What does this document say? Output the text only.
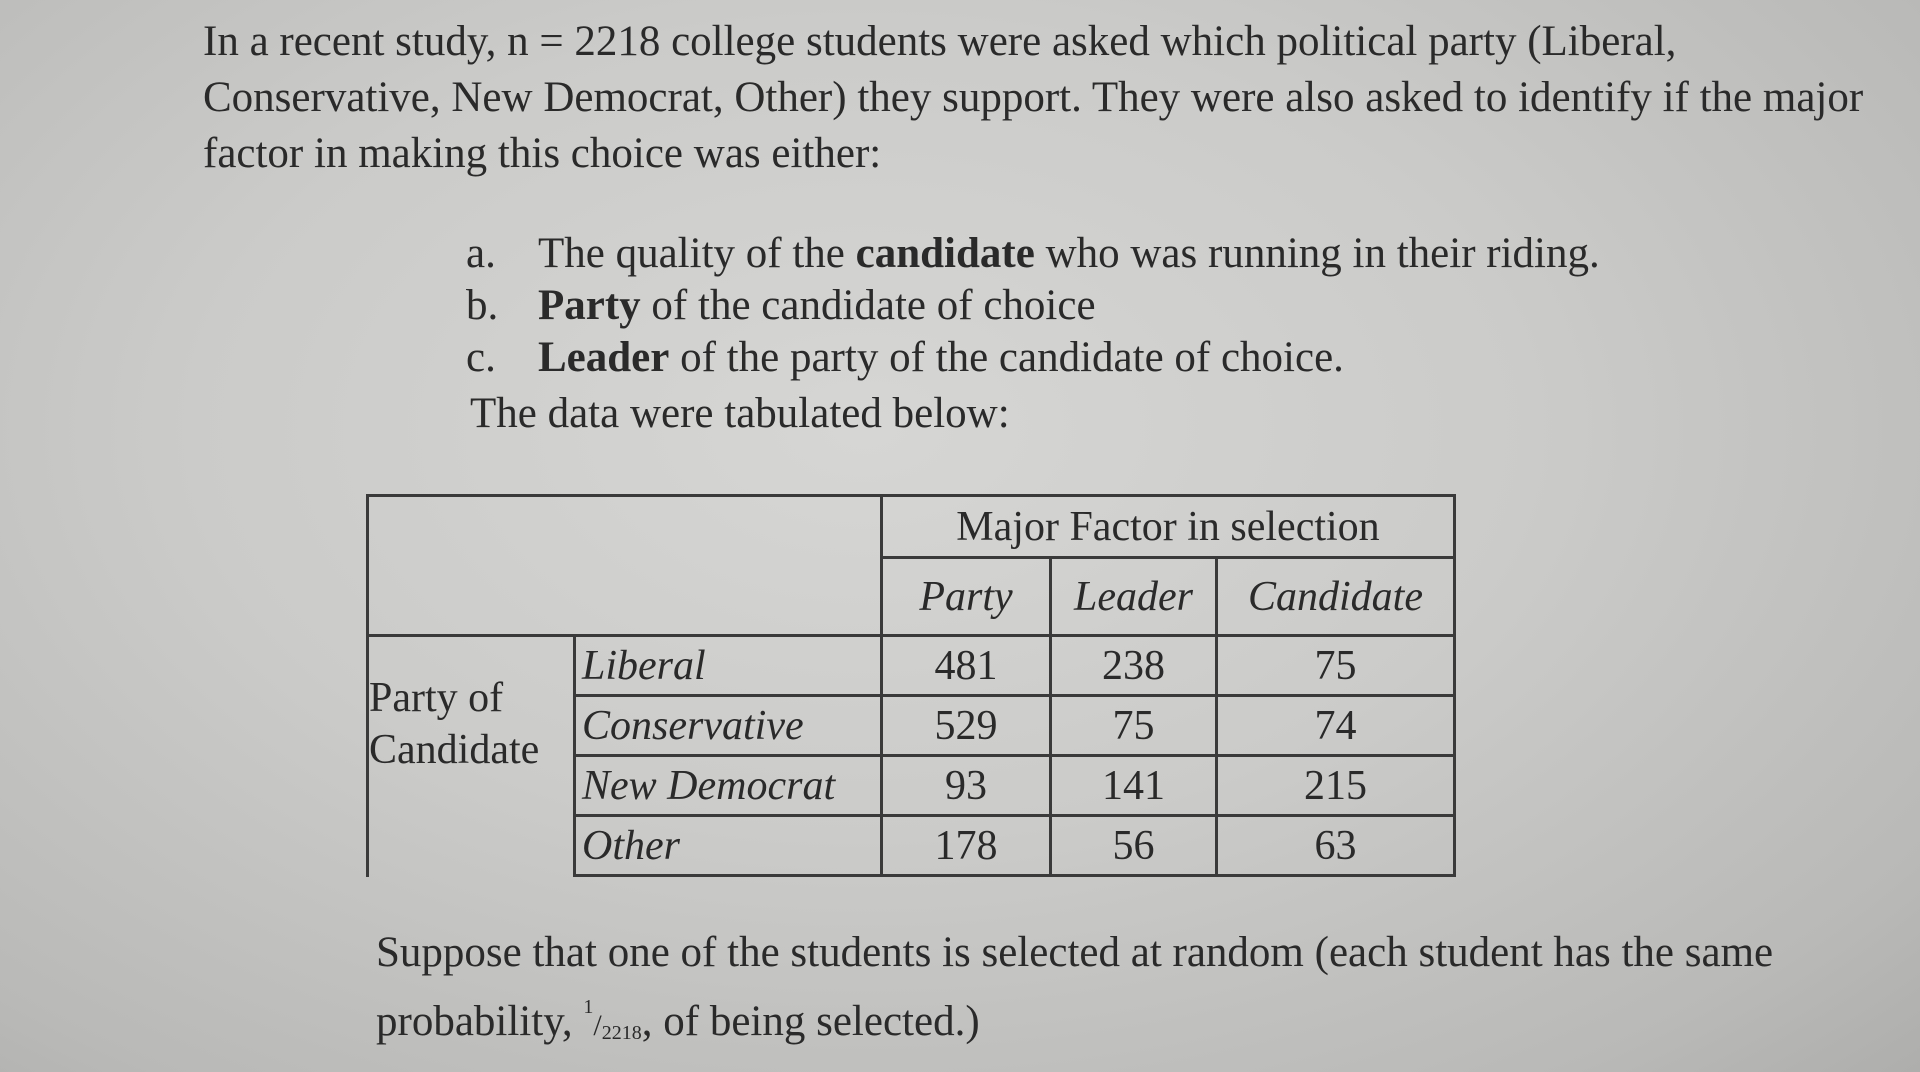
In a recent study, n = 2218 college students were asked which political party (Liberal,
Conservative, New Democrat, Other) they support. They were also asked to identify if the major
factor in making this choice was either:
a. The quality of the candidate who was running in their riding.
b. Party of the candidate of choice
c. Leader of the party of the candidate of choice.
The data were tabulated below:
Major Factor in selection
Party	Leader	Candidate
Party of
Candidate
Liberal	481	238	75
Conservative	529	75	74
New Democrat	93	141	215
Other	178	56	63
Suppose that one of the students is selected at random (each student has the same
probability, $^1$/2218, of being selected.)
